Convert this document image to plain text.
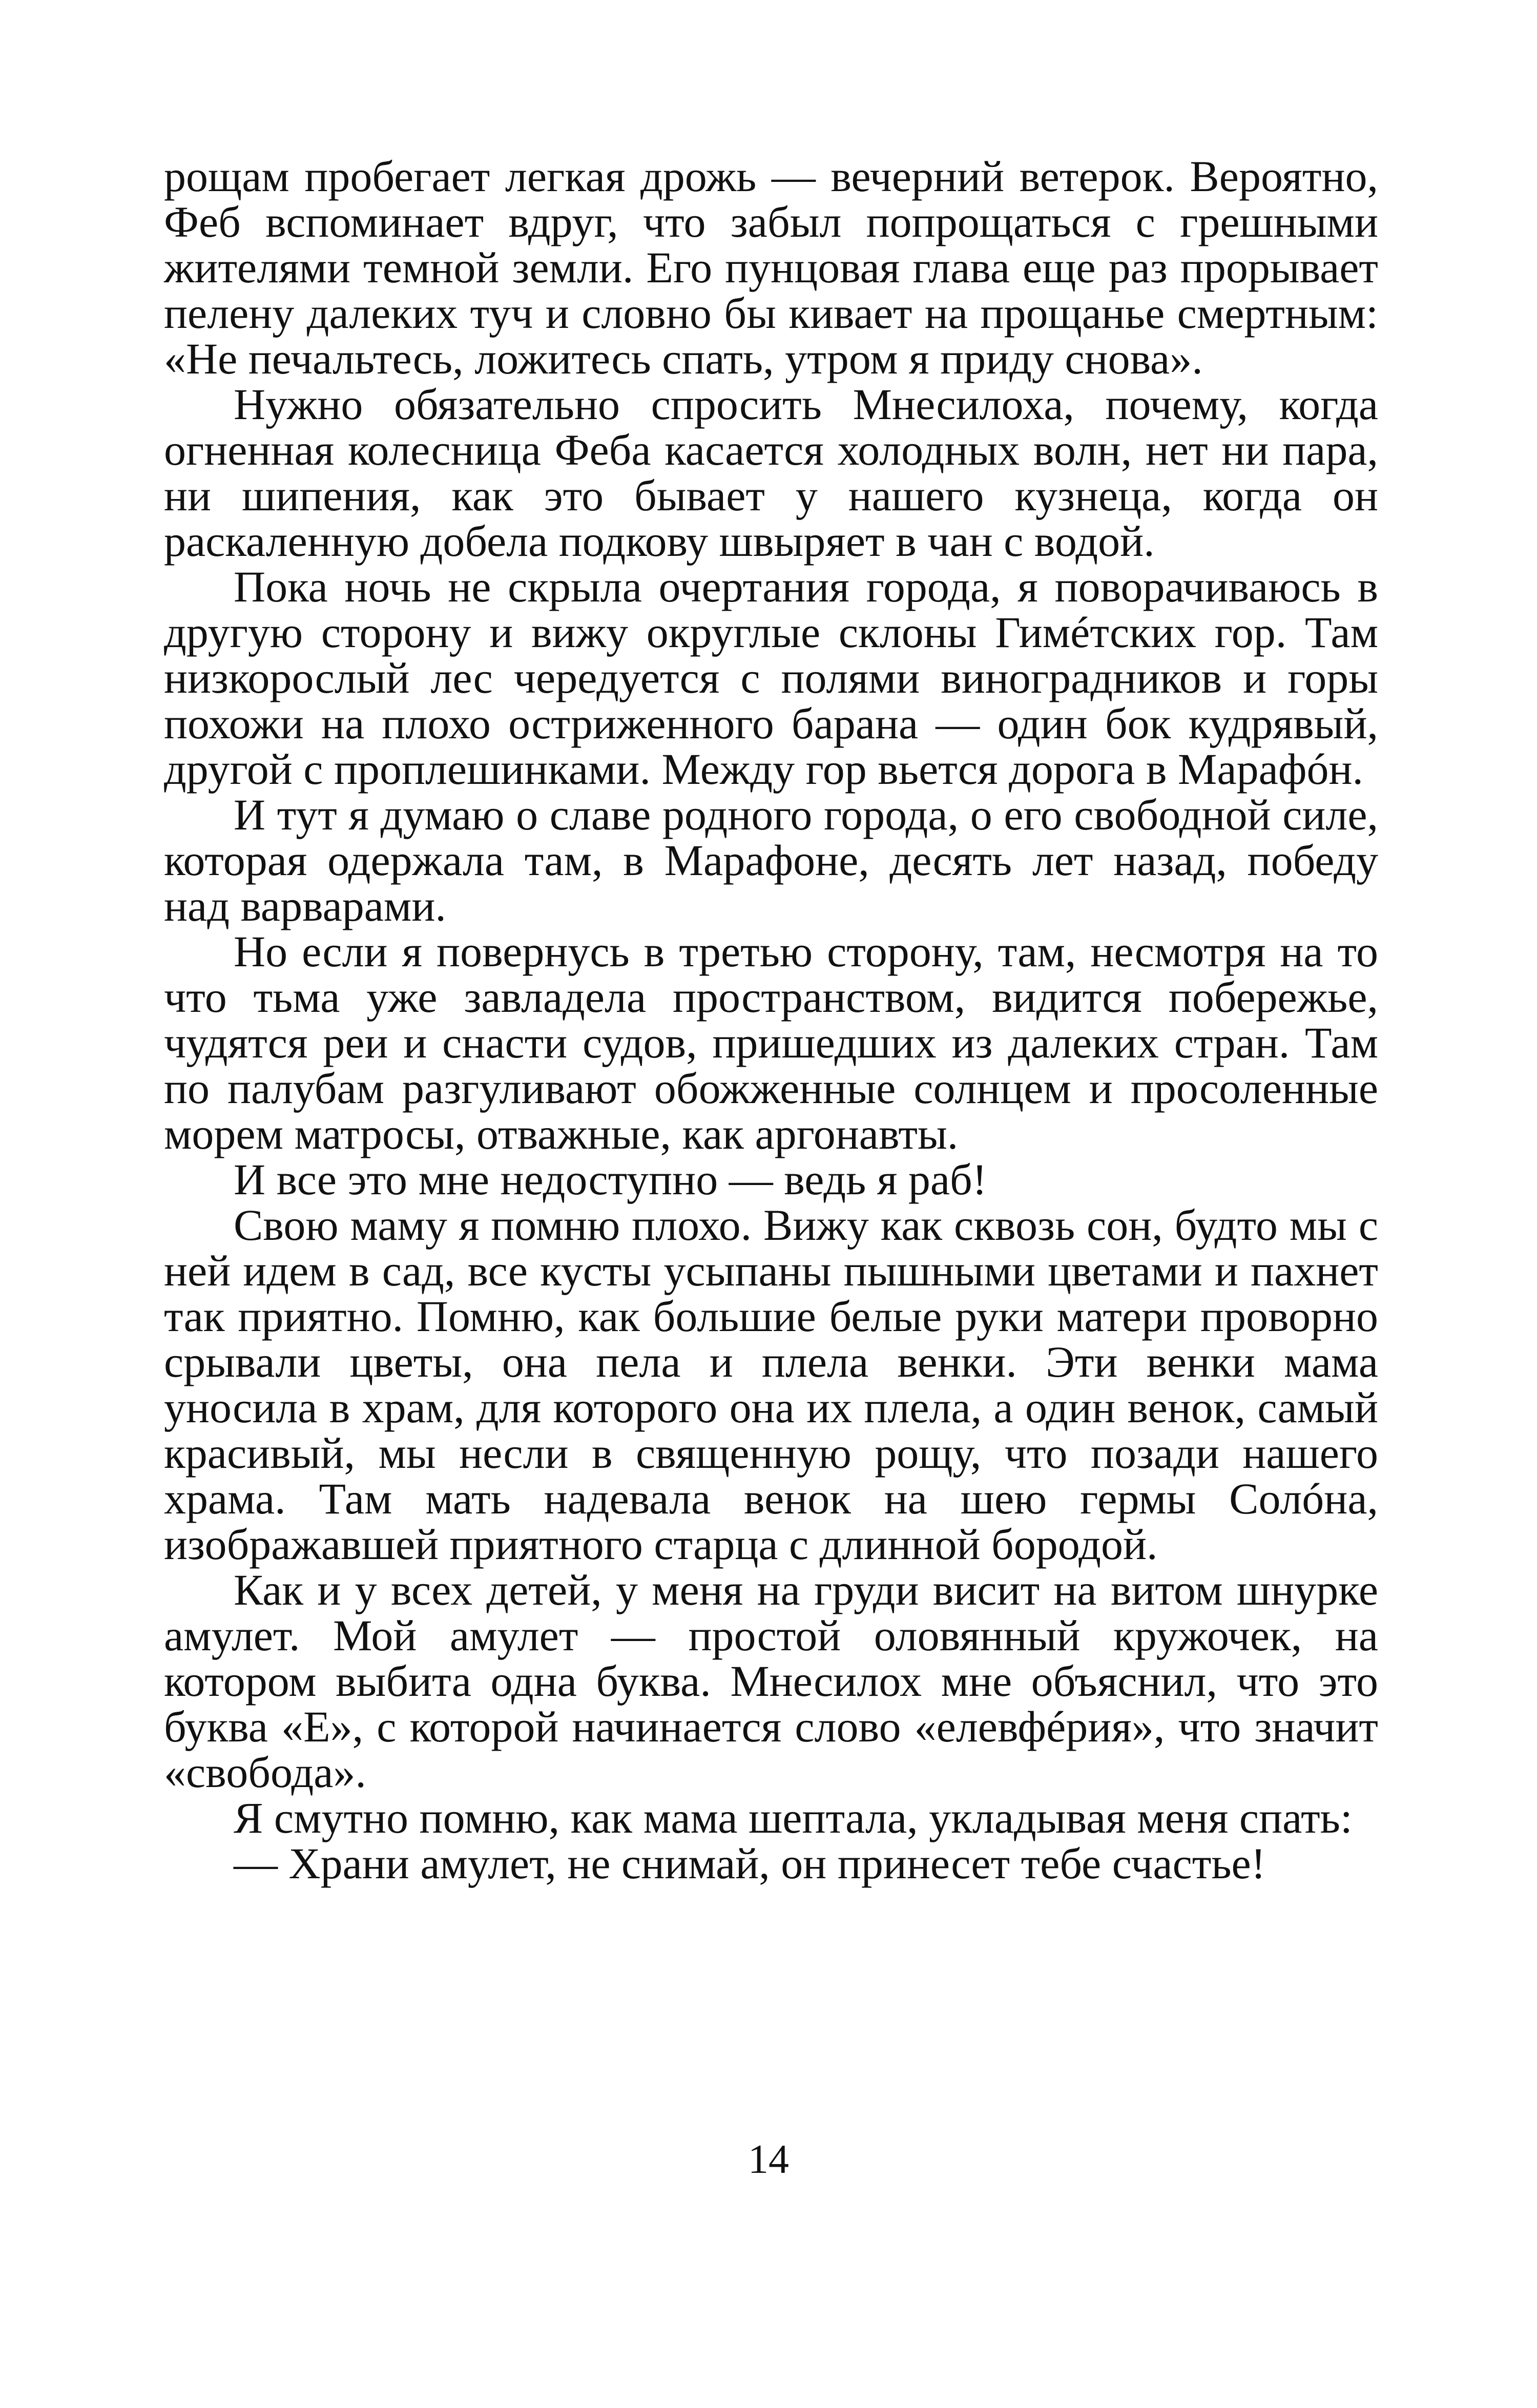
рощам пробегает легкая дрожь — вечерний ветерок. Вероятно, Феб вспоминает вдруг, что забыл попрощаться с грешными жителями темной земли. Его пунцовая глава еще раз прорывает пелену далеких туч и словно бы кивает на прощанье смертным: «Не печальтесь, ложитесь спать, утром я приду снова».

Нужно обязательно спросить Мнесилоха, почему, когда огненная колесница Феба касается холодных волн, нет ни пара, ни шипения, как это бывает у нашего кузнеца, когда он раскаленную добела подкову швыряет в чан с водой.

Пока ночь не скрыла очертания города, я поворачиваюсь в другую сторону и вижу округлые склоны Гимéтских гор. Там низкорослый лес чередуется с полями виноградников и горы похожи на плохо остриженного барана — один бок кудрявый, другой с проплешинками. Между гор вьется дорога в Марафóн.

И тут я думаю о славе родного города, о его свободной силе, которая одержала там, в Марафоне, десять лет назад, победу над варварами.

Но если я повернусь в третью сторону, там, несмотря на то что тьма уже завладела пространством, видится побережье, чудятся реи и снасти судов, пришедших из далеких стран. Там по палубам разгуливают обожженные солнцем и просоленные морем матросы, отважные, как аргонавты.

И все это мне недоступно — ведь я раб!

Свою маму я помню плохо. Вижу как сквозь сон, будто мы с ней идем в сад, все кусты усыпаны пышными цветами и пахнет так приятно. Помню, как большие белые руки матери проворно срывали цветы, она пела и плела венки. Эти венки мама уносила в храм, для которого она их плела, а один венок, самый красивый, мы несли в священную рощу, что позади нашего храма. Там мать надевала венок на шею гермы Солóна, изображавшей приятного старца с длинной бородой.

Как и у всех детей, у меня на груди висит на витом шнурке амулет. Мой амулет — простой оловянный кружочек, на котором выбита одна буква. Мнесилох мне объяснил, что это буква «Е», с которой начинается слово «елевфéрия», что значит «свобода».

Я смутно помню, как мама шептала, укладывая меня спать:

— Храни амулет, не снимай, он принесет тебе счастье!

14
